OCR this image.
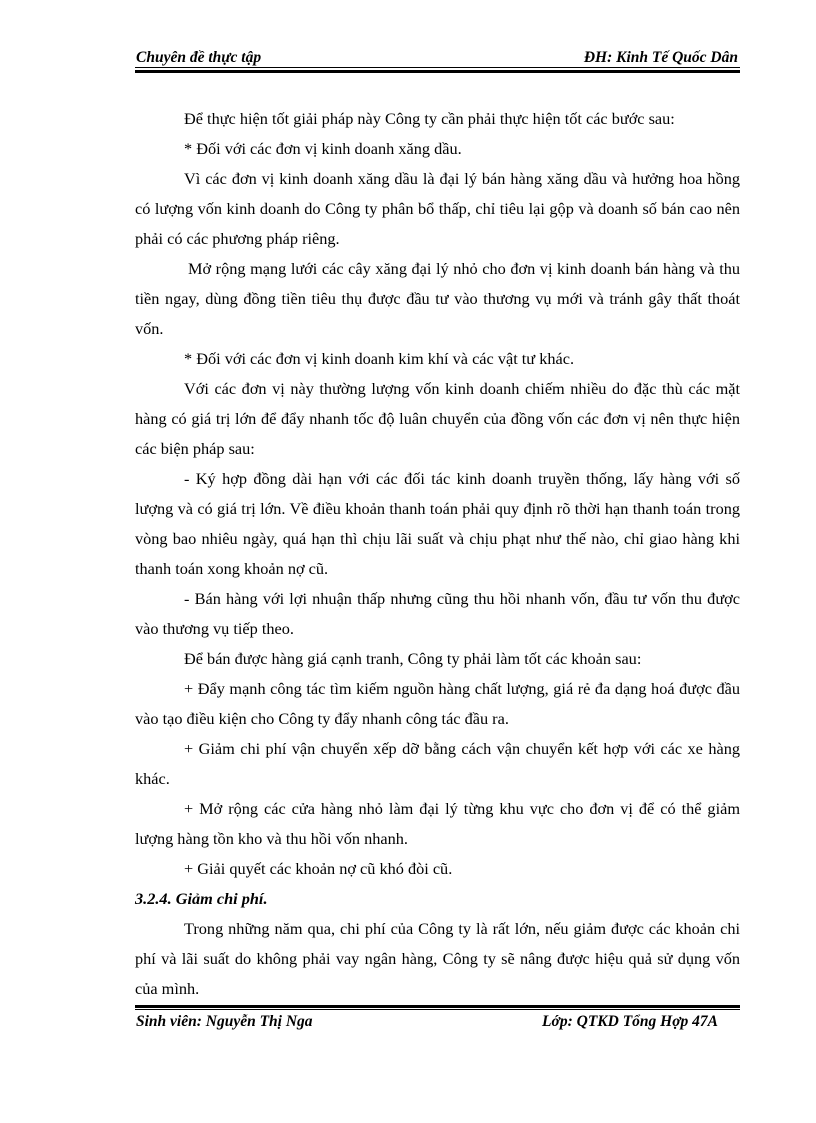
Chuyên đề thực tập	ĐH: Kinh Tế Quốc Dân

Để thực hiện tốt giải pháp này Công ty cần phải thực hiện tốt các bước sau:

* Đối với các đơn vị kinh doanh xăng dầu.

Vì các đơn vị kinh doanh xăng dầu là đại lý bán hàng xăng dầu và hưởng hoa hồng có lượng vốn kinh doanh do Công ty phân bổ thấp, chỉ tiêu lại gộp và doanh số bán cao nên phải có các phương pháp riêng.

Mở rộng mạng lưới các cây xăng đại lý nhỏ cho đơn vị kinh doanh bán hàng và thu tiền ngay, dùng đồng tiền tiêu thụ được đầu tư vào thương vụ mới và tránh gây thất thoát vốn.

* Đối với các đơn vị kinh doanh kim khí và các vật tư khác.

Với các đơn vị này thường lượng vốn kinh doanh chiếm nhiều do đặc thù các mặt hàng có giá trị lớn để đẩy nhanh tốc độ luân chuyển của đồng vốn các đơn vị nên thực hiện các biện pháp sau:

- Ký hợp đồng dài hạn với các đối tác kinh doanh truyền thống, lấy hàng với số lượng và có giá trị lớn. Về điều khoản thanh toán phải quy định rõ thời hạn thanh toán trong vòng bao nhiêu ngày, quá hạn thì chịu lãi suất và chịu phạt như thế nào, chỉ giao hàng khi thanh toán xong khoản nợ cũ.

- Bán hàng với lợi nhuận thấp nhưng cũng thu hồi nhanh vốn, đầu tư vốn thu được vào thương vụ tiếp theo.

Để bán được hàng giá cạnh tranh, Công ty phải làm tốt các khoản sau:

+ Đẩy mạnh công tác tìm kiếm nguồn hàng chất lượng, giá rẻ đa dạng hoá được đầu vào tạo điều kiện cho Công ty đẩy nhanh công tác đầu ra.

+ Giảm chi phí vận chuyển xếp dỡ bằng cách vận chuyển kết hợp với các xe hàng khác.

+ Mở rộng các cửa hàng nhỏ làm đại lý từng khu vực cho đơn vị để có thể giảm lượng hàng tồn kho và thu hồi vốn nhanh.

+ Giải quyết các khoản nợ cũ khó đòi cũ.

3.2.4. Giảm chi phí.

Trong những năm qua, chi phí của Công ty là rất lớn, nếu giảm được các khoản chi phí và lãi suất do không phải vay ngân hàng, Công ty sẽ nâng được hiệu quả sử dụng vốn của mình.

Sinh viên: Nguyễn Thị Nga	Lớp: QTKD Tổng Hợp 47A
